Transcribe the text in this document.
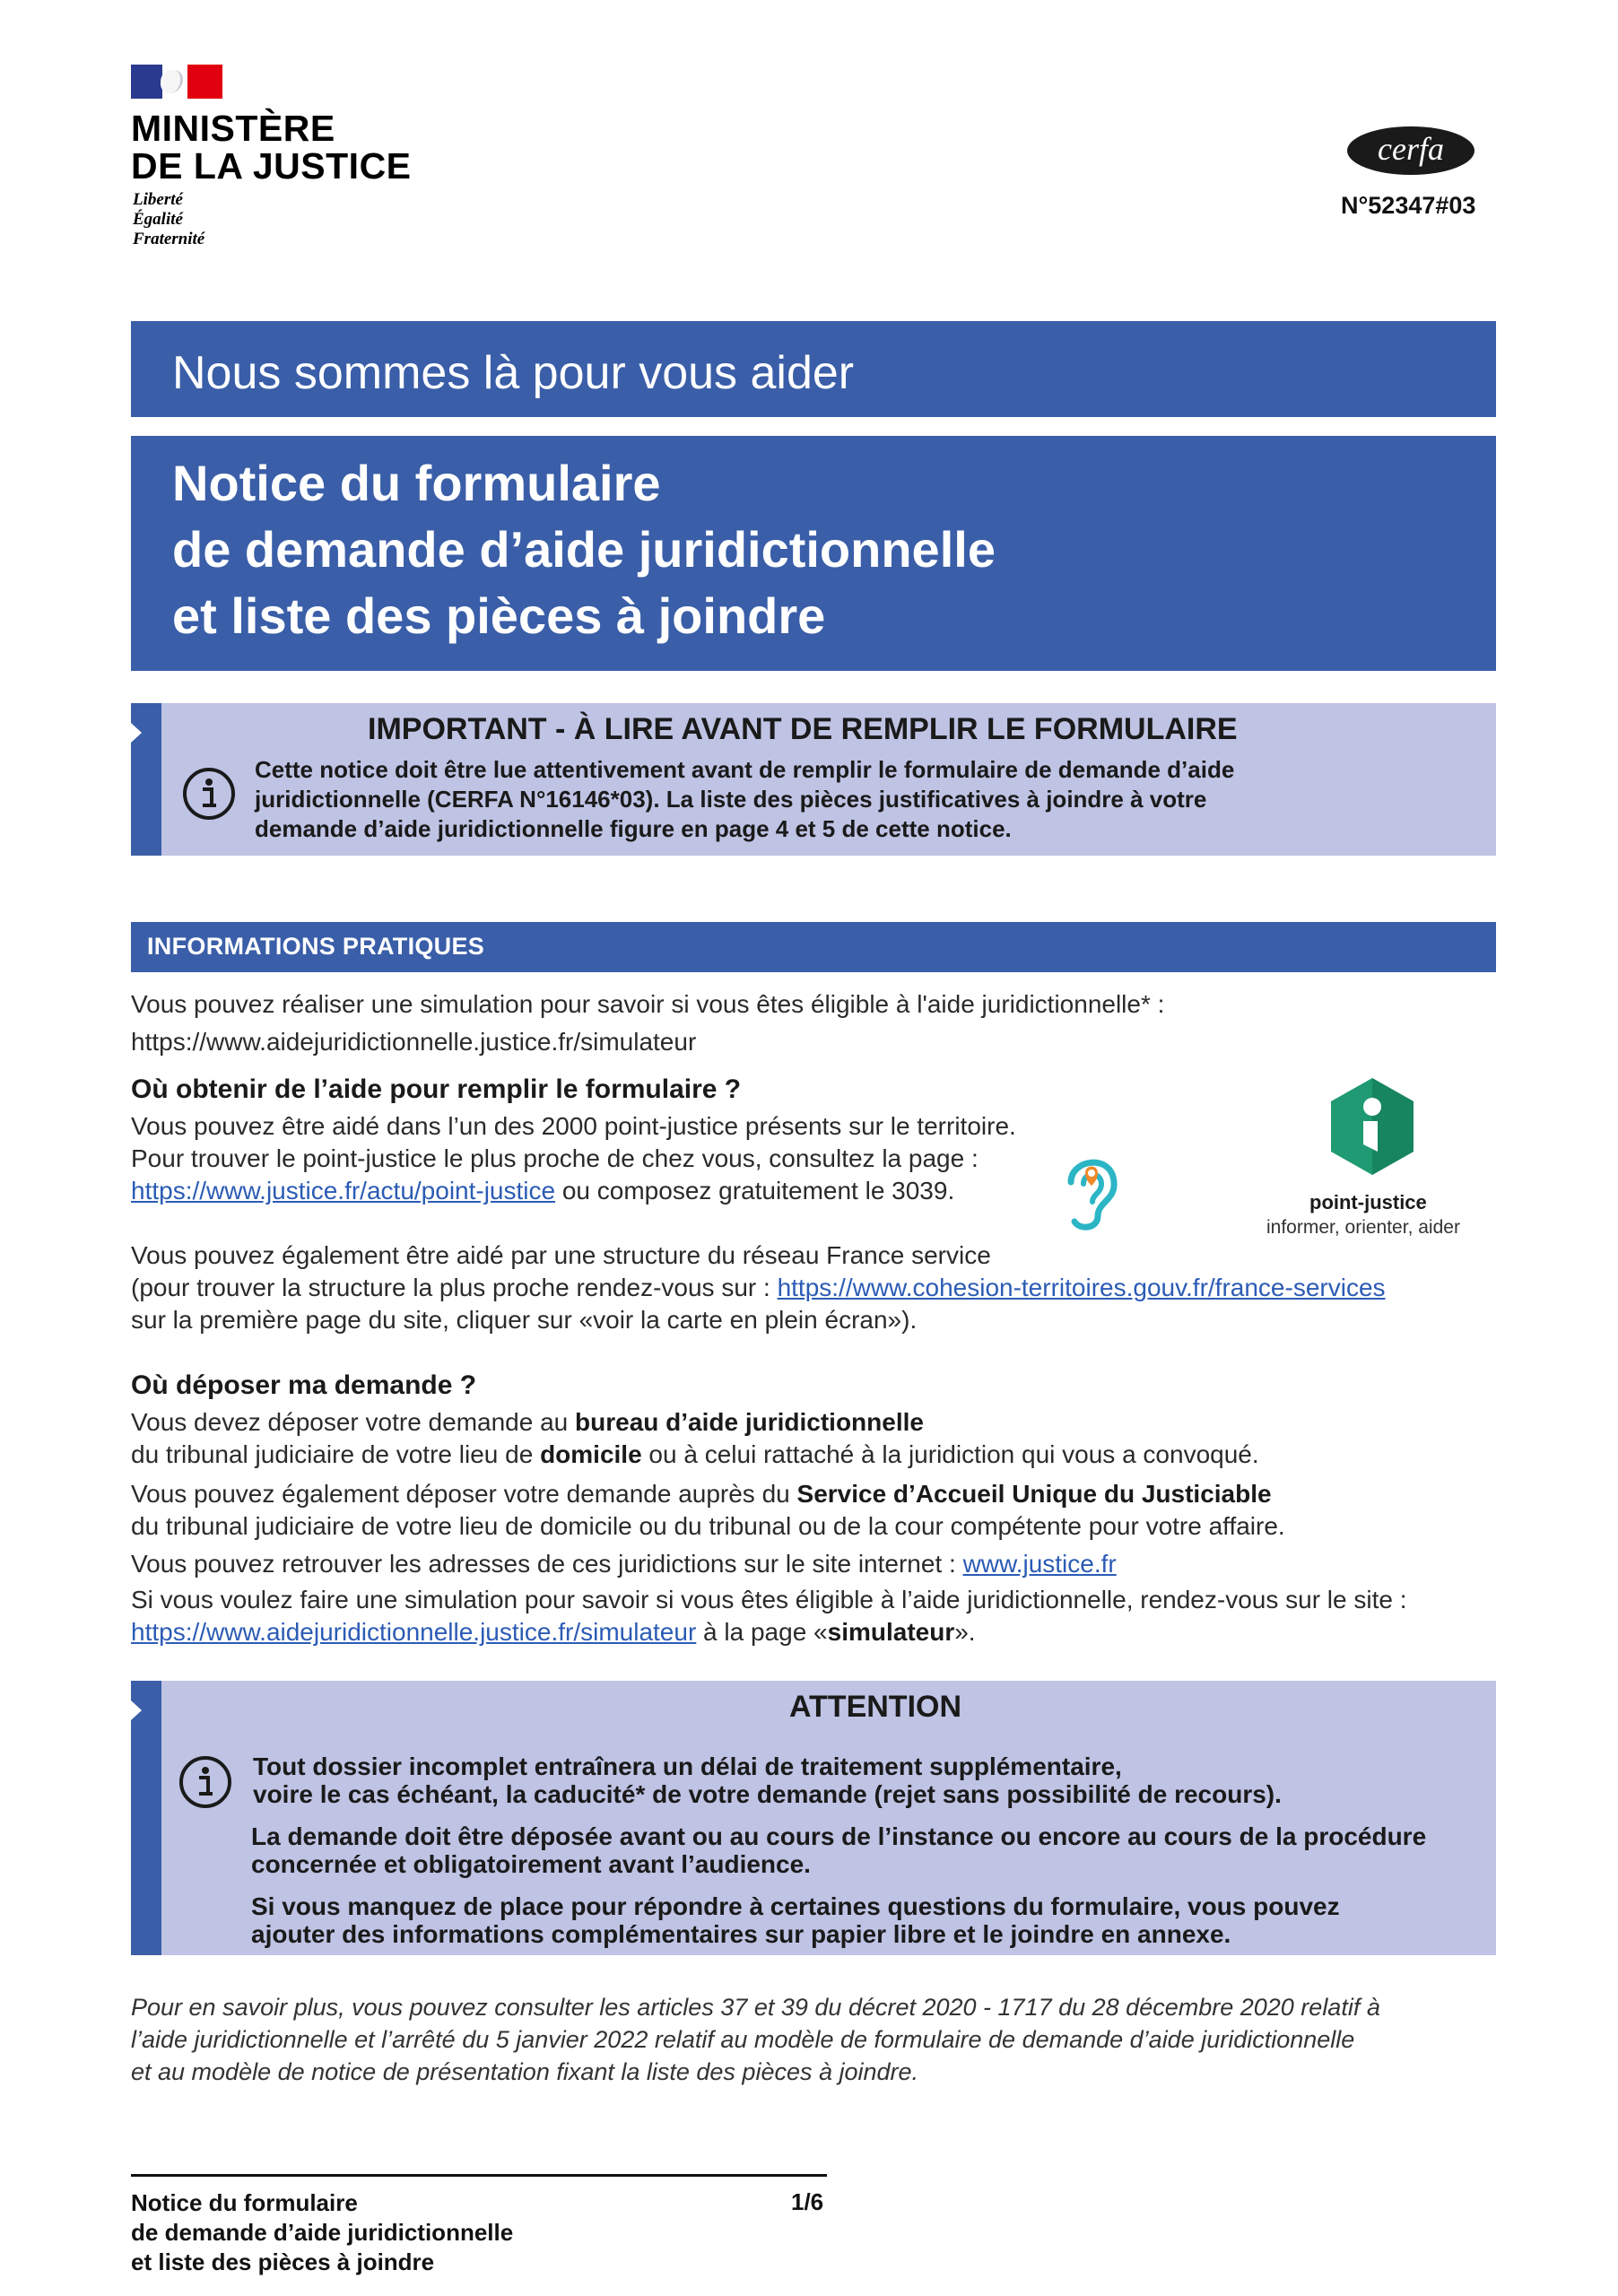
MINISTÈRE
DE LA JUSTICE
Liberté
Égalité
Fraternité
cerfa
N°52347#03
Nous sommes là pour vous aider
Notice du formulaire
de demande d’aide juridictionnelle
et liste des pièces à joindre
IMPORTANT - À LIRE AVANT DE REMPLIR LE FORMULAIRE
Cette notice doit être lue attentivement avant de remplir le formulaire de demande d’aide
juridictionnelle (CERFA N°16146*03). La liste des pièces justificatives à joindre à votre
demande d’aide juridictionnelle figure en page 4 et 5 de cette notice.
INFORMATIONS PRATIQUES
Vous pouvez réaliser une simulation pour savoir si vous êtes éligible à l'aide juridictionnelle* :
https://www.aidejuridictionnelle.justice.fr/simulateur
Où obtenir de l’aide pour remplir le formulaire ?
Vous pouvez être aidé dans l’un des 2000 point-justice présents sur le territoire.
Pour trouver le point-justice le plus proche de chez vous, consultez la page :
https://www.justice.fr/actu/point-justice ou composez gratuitement le 3039.	point-justice
informer, orienter, aider
Vous pouvez également être aidé par une structure du réseau France service
(pour trouver la structure la plus proche rendez-vous sur : https://www.cohesion-territoires.gouv.fr/france-services
sur la première page du site, cliquer sur «voir la carte en plein écran»).
Où déposer ma demande ?
Vous devez déposer votre demande au bureau d’aide juridictionnelle
du tribunal judiciaire de votre lieu de domicile ou à celui rattaché à la juridiction qui vous a convoqué.
Vous pouvez également déposer votre demande auprès du Service d’Accueil Unique du Justiciable
du tribunal judiciaire de votre lieu de domicile ou du tribunal ou de la cour compétente pour votre affaire.
Vous pouvez retrouver les adresses de ces juridictions sur le site internet : www.justice.fr
Si vous voulez faire une simulation pour savoir si vous êtes éligible à l’aide juridictionnelle, rendez-vous sur le site :
https://www.aidejuridictionnelle.justice.fr/simulateur à la page «simulateur».
ATTENTION
Tout dossier incomplet entraînera un délai de traitement supplémentaire,
voire le cas échéant, la caducité* de votre demande (rejet sans possibilité de recours).
La demande doit être déposée avant ou au cours de l’instance ou encore au cours de la procédure
concernée et obligatoirement avant l’audience.
Si vous manquez de place pour répondre à certaines questions du formulaire, vous pouvez
ajouter des informations complémentaires sur papier libre et le joindre en annexe.
Pour en savoir plus, vous pouvez consulter les articles 37 et 39 du décret 2020 - 1717 du 28 décembre 2020 relatif à
l’aide juridictionnelle et l’arrêté du 5 janvier 2022 relatif au modèle de formulaire de demande d’aide juridictionnelle
et au modèle de notice de présentation fixant la liste des pièces à joindre.
Notice du formulaire
de demande d’aide juridictionnelle
et liste des pièces à joindre
1/6
